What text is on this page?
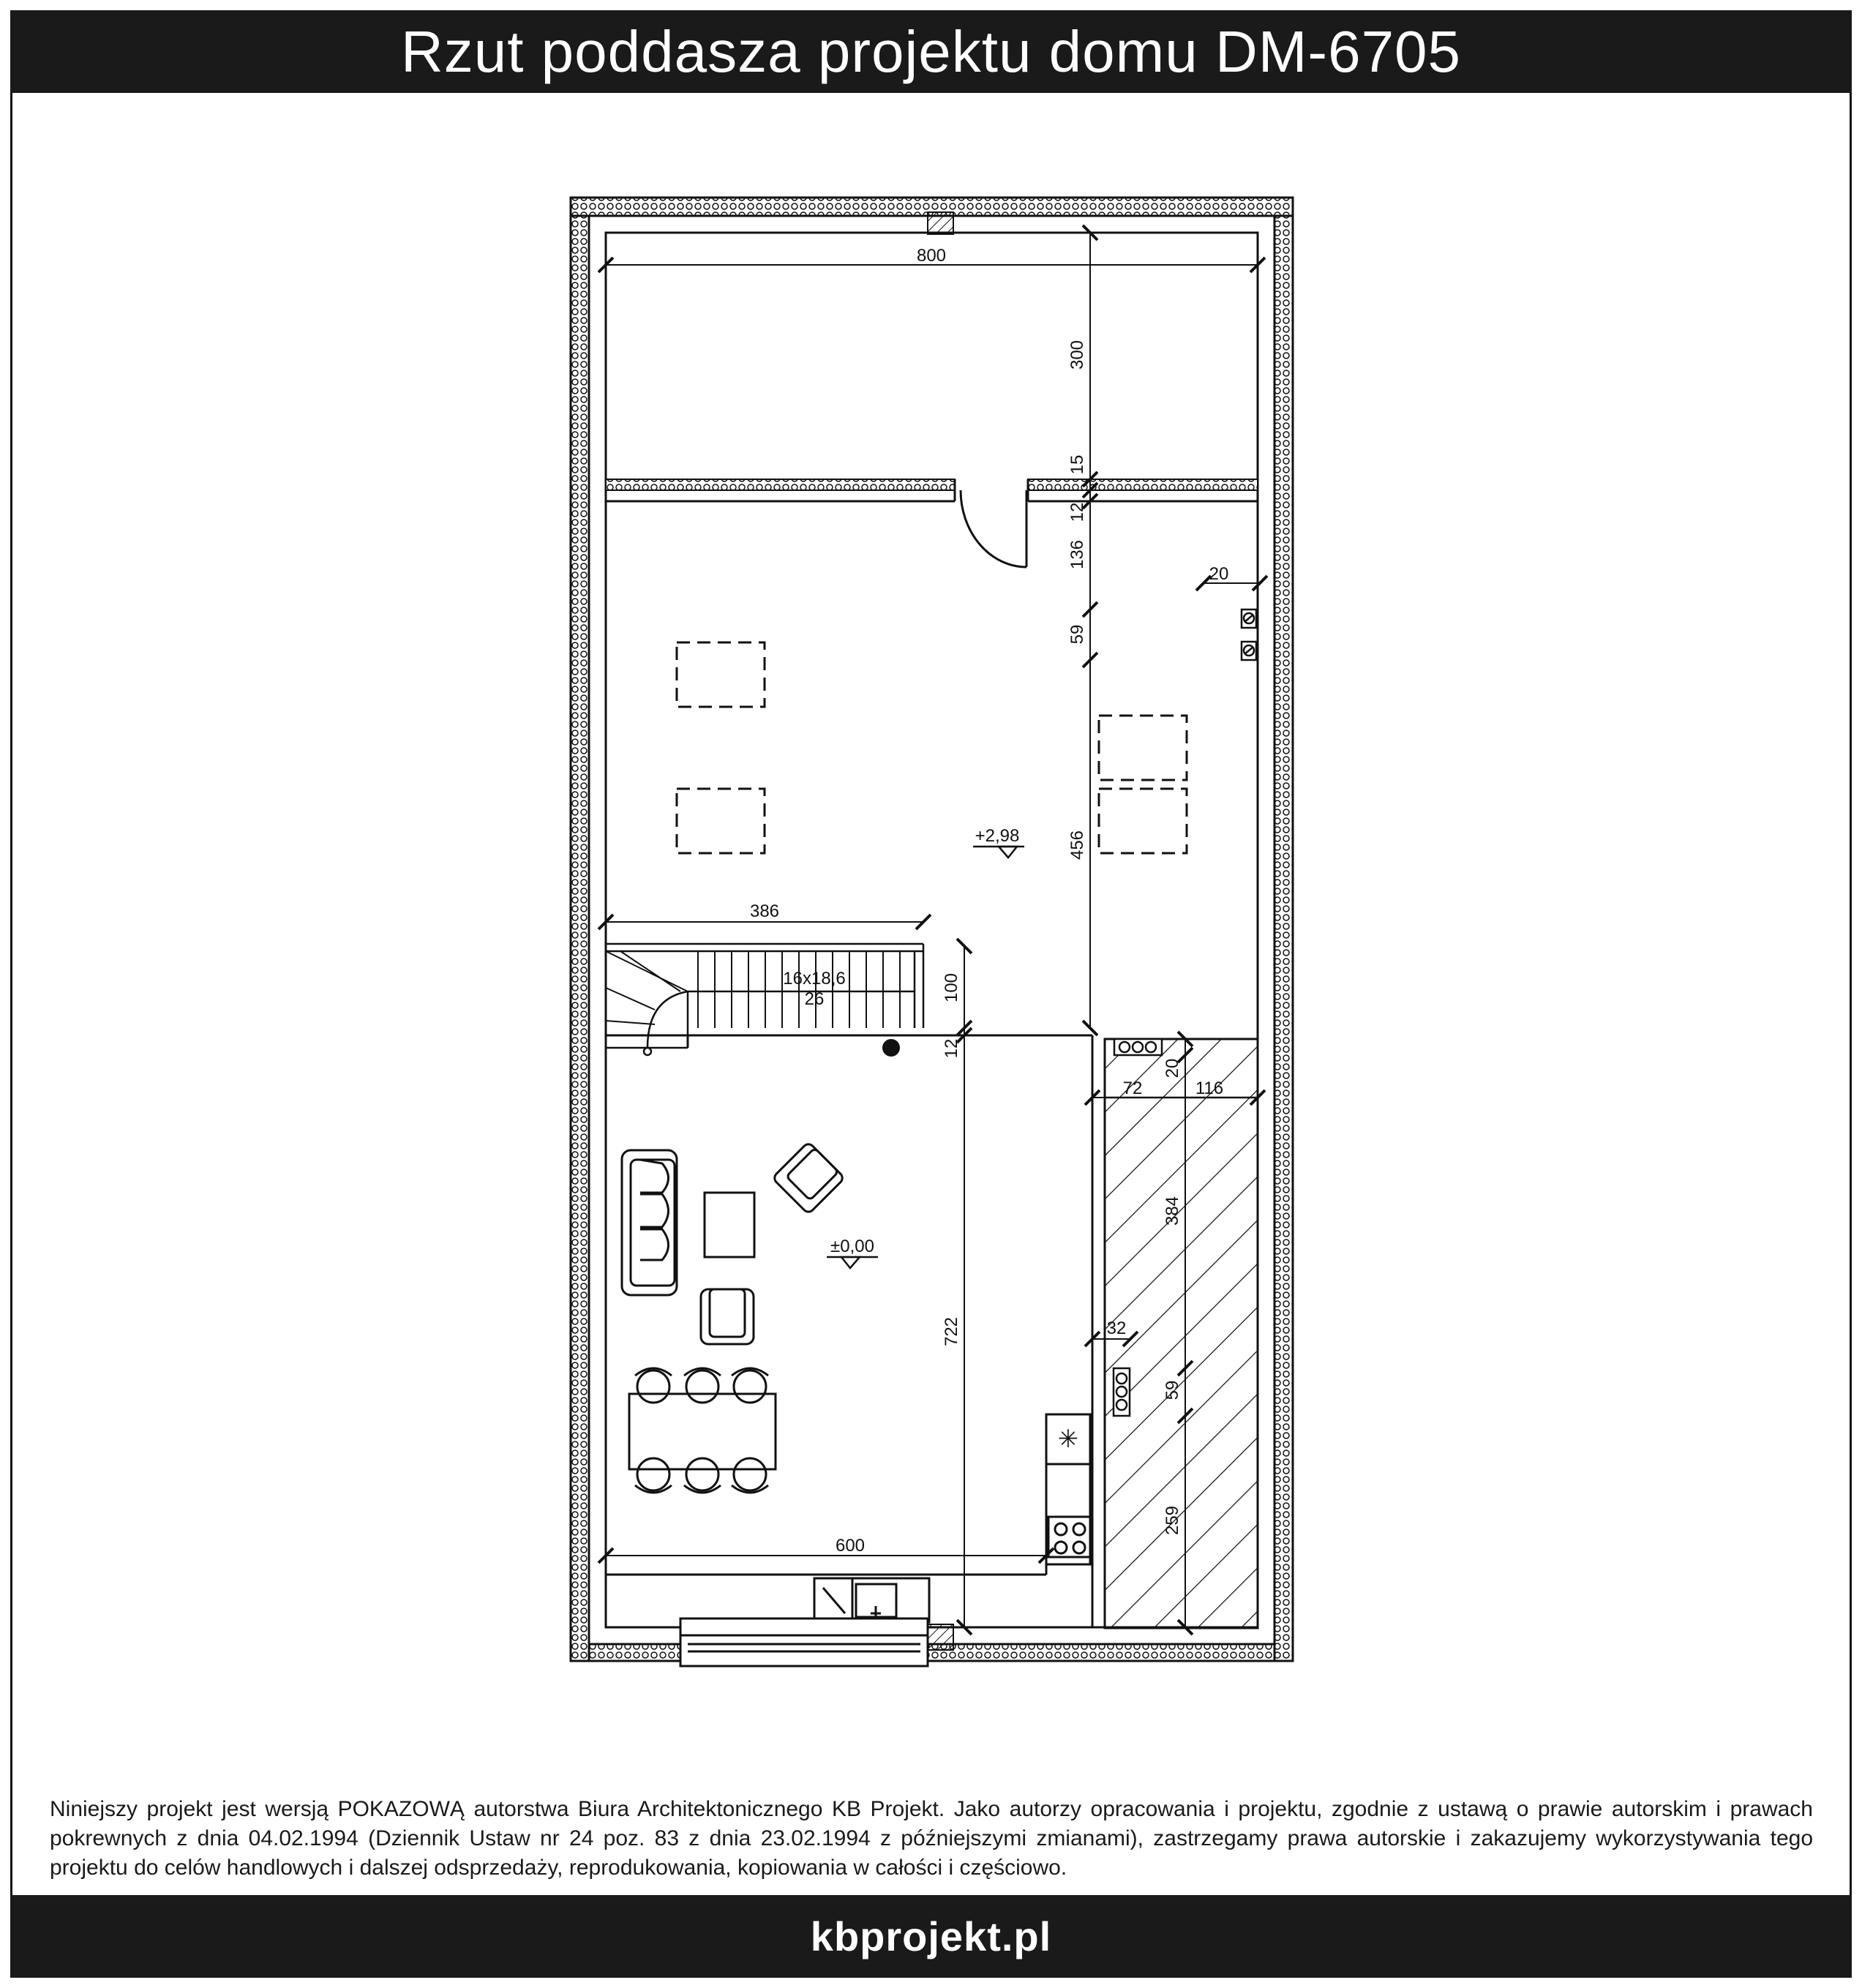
Rzut poddasza projektu domu DM-6705
✳
800
300
15
12
136
20
59
456
386
100
12
72
20
116
384
722	32
59
259
600
16x18,6
26
+2,98
±0,00

Niniejszy projekt jest wersją POKAZOWĄ autorstwa Biura Architektonicznego KB Projekt. Jako autorzy opracowania i projektu, zgodnie z ustawą o prawie autorskim i prawach pokrewnych z dnia 04.02.1994 (Dziennik Ustaw nr 24 poz. 83 z dnia 23.02.1994 z późniejszymi zmianami), zastrzegamy prawa autorskie i zakazujemy wykorzystywania tego projektu do celów handlowych i dalszej odsprzedaży, reprodukowania, kopiowania w całości i częściowo.

kbprojekt.pl
